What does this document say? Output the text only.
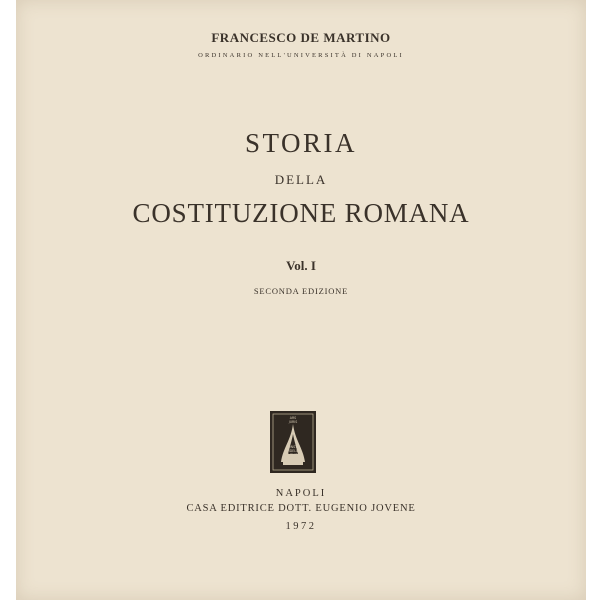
FRANCESCO DE MARTINO
ORDINARIO NELL'UNIVERSITÀ DI NAPOLI
STORIA
DELLA
COSTITUZIONE ROMANA
Vol. I
SECONDA EDIZIONE
ARS
JURIS
CONSTIT
FIDELIA
LOMBARDA
NAPOLI
CASA EDITRICE DOTT. EUGENIO JOVENE
1972
